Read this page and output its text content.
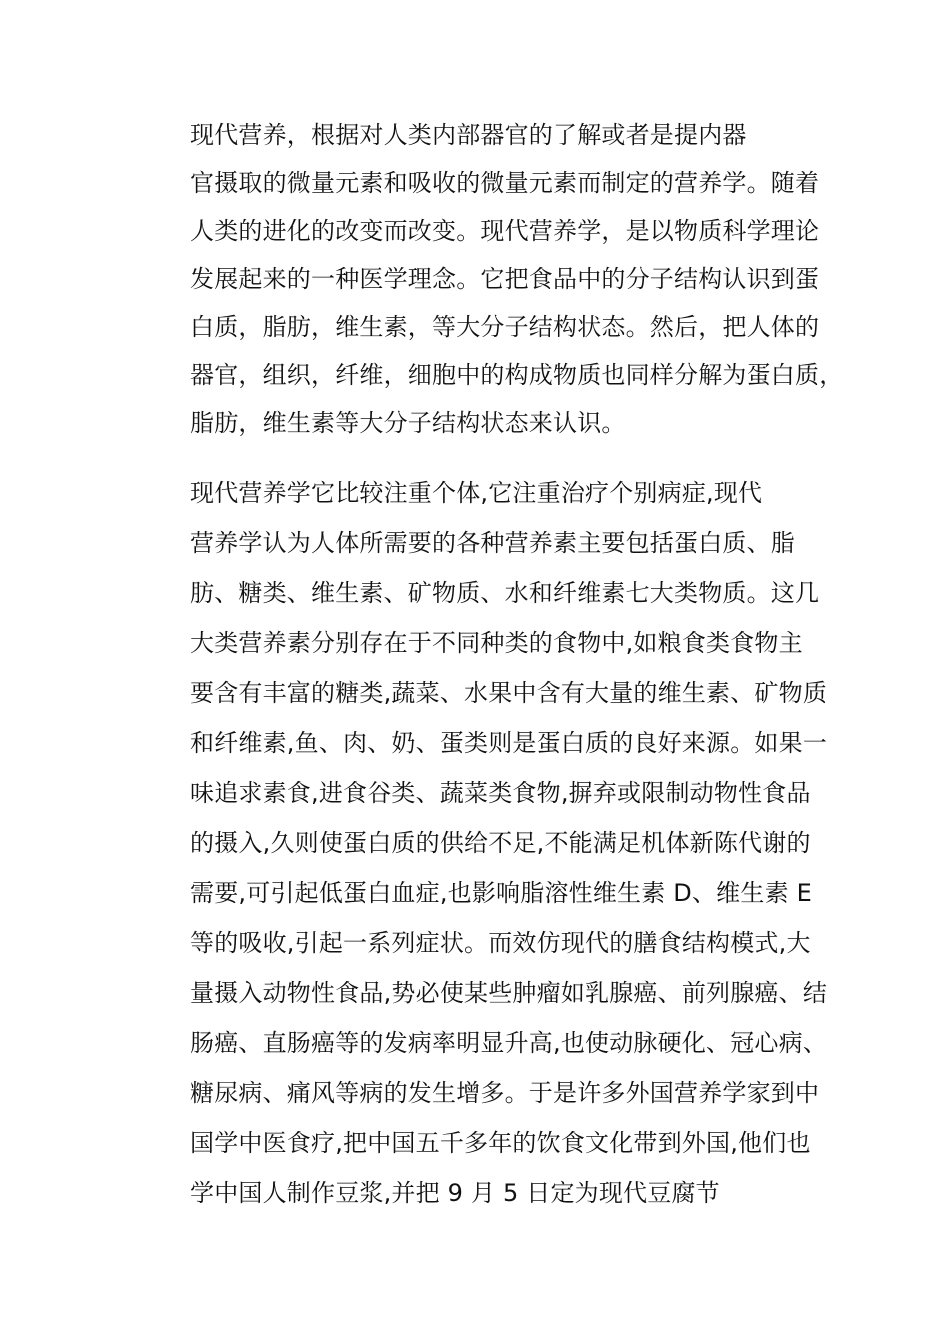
现代营养，根据对人类内部器官的了解或者是提内器
官摄取的微量元素和吸收的微量元素而制定的营养学。随着
人类的进化的改变而改变。现代营养学，是以物质科学理论
发展起来的一种医学理念。它把食品中的分子结构认识到蛋
白质，脂肪，维生素，等大分子结构状态。然后，把人体的
器官，组织，纤维，细胞中的构成物质也同样分解为蛋白质，
脂肪，维生素等大分子结构状态来认识。
现代营养学它比较注重个体,它注重治疗个别病症,现代
营养学认为人体所需要的各种营养素主要包括蛋白质、脂
肪、糖类、维生素、矿物质、水和纤维素七大类物质。这几
大类营养素分别存在于不同种类的食物中,如粮食类食物主
要含有丰富的糖类,蔬菜、水果中含有大量的维生素、矿物质
和纤维素,鱼、肉、奶、蛋类则是蛋白质的良好来源。如果一
味追求素食,进食谷类、蔬菜类食物,摒弃或限制动物性食品
的摄入,久则使蛋白质的供给不足,不能满足机体新陈代谢的
需要,可引起低蛋白血症,也影响脂溶性维生素 D、维生素 E
等的吸收,引起一系列症状。而效仿现代的膳食结构模式,大
量摄入动物性食品,势必使某些肿瘤如乳腺癌、前列腺癌、结
肠癌、直肠癌等的发病率明显升高,也使动脉硬化、冠心病、
糖尿病、痛风等病的发生增多。于是许多外国营养学家到中
国学中医食疗,把中国五千多年的饮食文化带到外国,他们也
学中国人制作豆浆,并把 9 月 5 日定为现代豆腐节
